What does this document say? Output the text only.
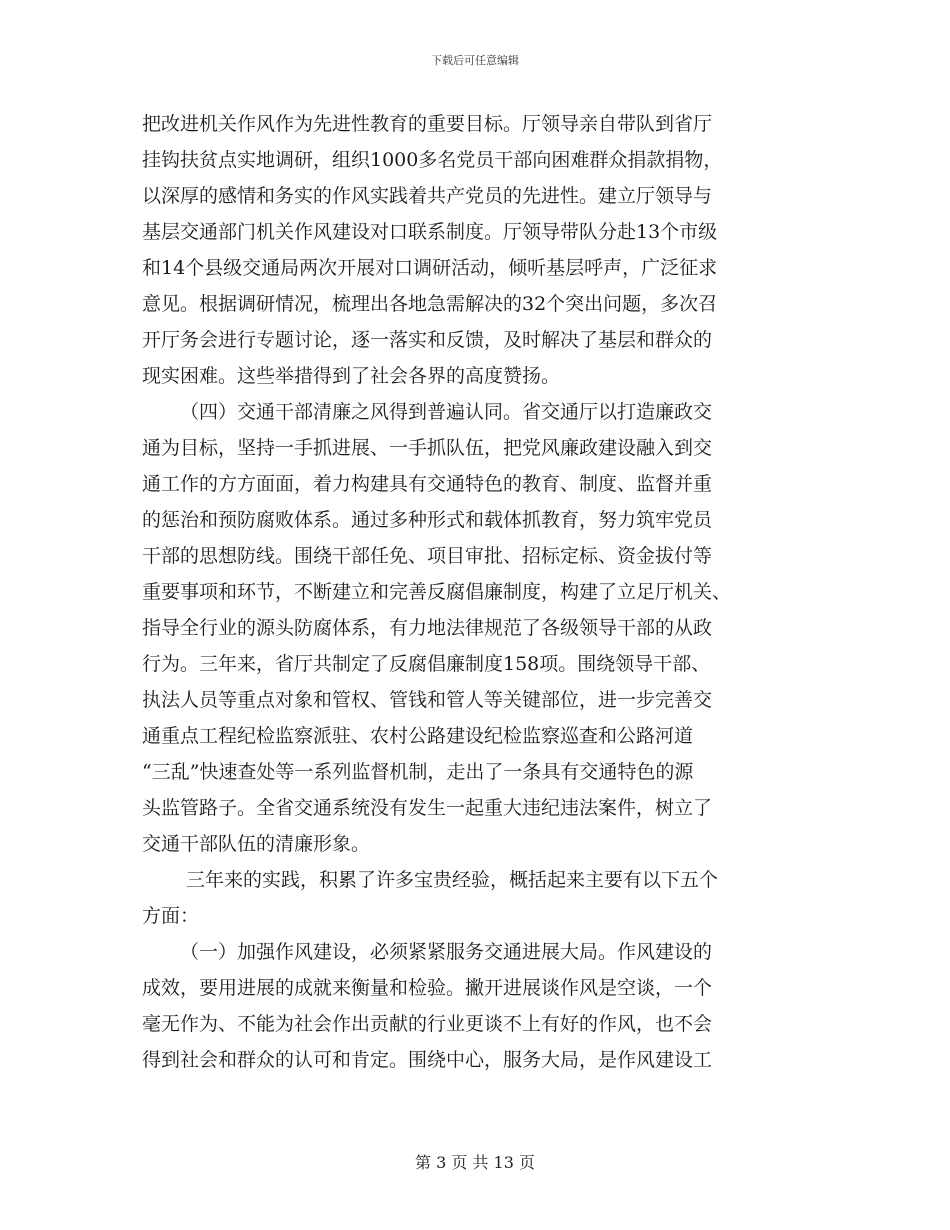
下载后可任意编辑
把改进机关作风作为先进性教育的重要目标。厅领导亲自带队到省厅
挂钩扶贫点实地调研，组织1000多名党员干部向困难群众捐款捐物，
以深厚的感情和务实的作风实践着共产党员的先进性。建立厅领导与
基层交通部门机关作风建设对口联系制度。厅领导带队分赴13个市级
和14个县级交通局两次开展对口调研活动，倾听基层呼声，广泛征求
意见。根据调研情况，梳理出各地急需解决的32个突出问题，多次召
开厅务会进行专题讨论，逐一落实和反馈，及时解决了基层和群众的
现实困难。这些举措得到了社会各界的高度赞扬。
（四）交通干部清廉之风得到普遍认同。省交通厅以打造廉政交
通为目标，坚持一手抓进展、一手抓队伍，把党风廉政建设融入到交
通工作的方方面面，着力构建具有交通特色的教育、制度、监督并重
的惩治和预防腐败体系。通过多种形式和载体抓教育，努力筑牢党员
干部的思想防线。围绕干部任免、项目审批、招标定标、资金拔付等
重要事项和环节，不断建立和完善反腐倡廉制度，构建了立足厅机关、
指导全行业的源头防腐体系，有力地法律规范了各级领导干部的从政
行为。三年来，省厅共制定了反腐倡廉制度158项。围绕领导干部、
执法人员等重点对象和管权、管钱和管人等关键部位，进一步完善交
通重点工程纪检监察派驻、农村公路建设纪检监察巡查和公路河道
“三乱”快速查处等一系列监督机制，走出了一条具有交通特色的源
头监管路子。全省交通系统没有发生一起重大违纪违法案件，树立了
交通干部队伍的清廉形象。
三年来的实践，积累了许多宝贵经验，概括起来主要有以下五个
方面：
（一）加强作风建设，必须紧紧服务交通进展大局。作风建设的
成效，要用进展的成就来衡量和检验。撇开进展谈作风是空谈，一个
毫无作为、不能为社会作出贡献的行业更谈不上有好的作风，也不会
得到社会和群众的认可和肯定。围绕中心，服务大局，是作风建设工
第 3 页 共 13 页
